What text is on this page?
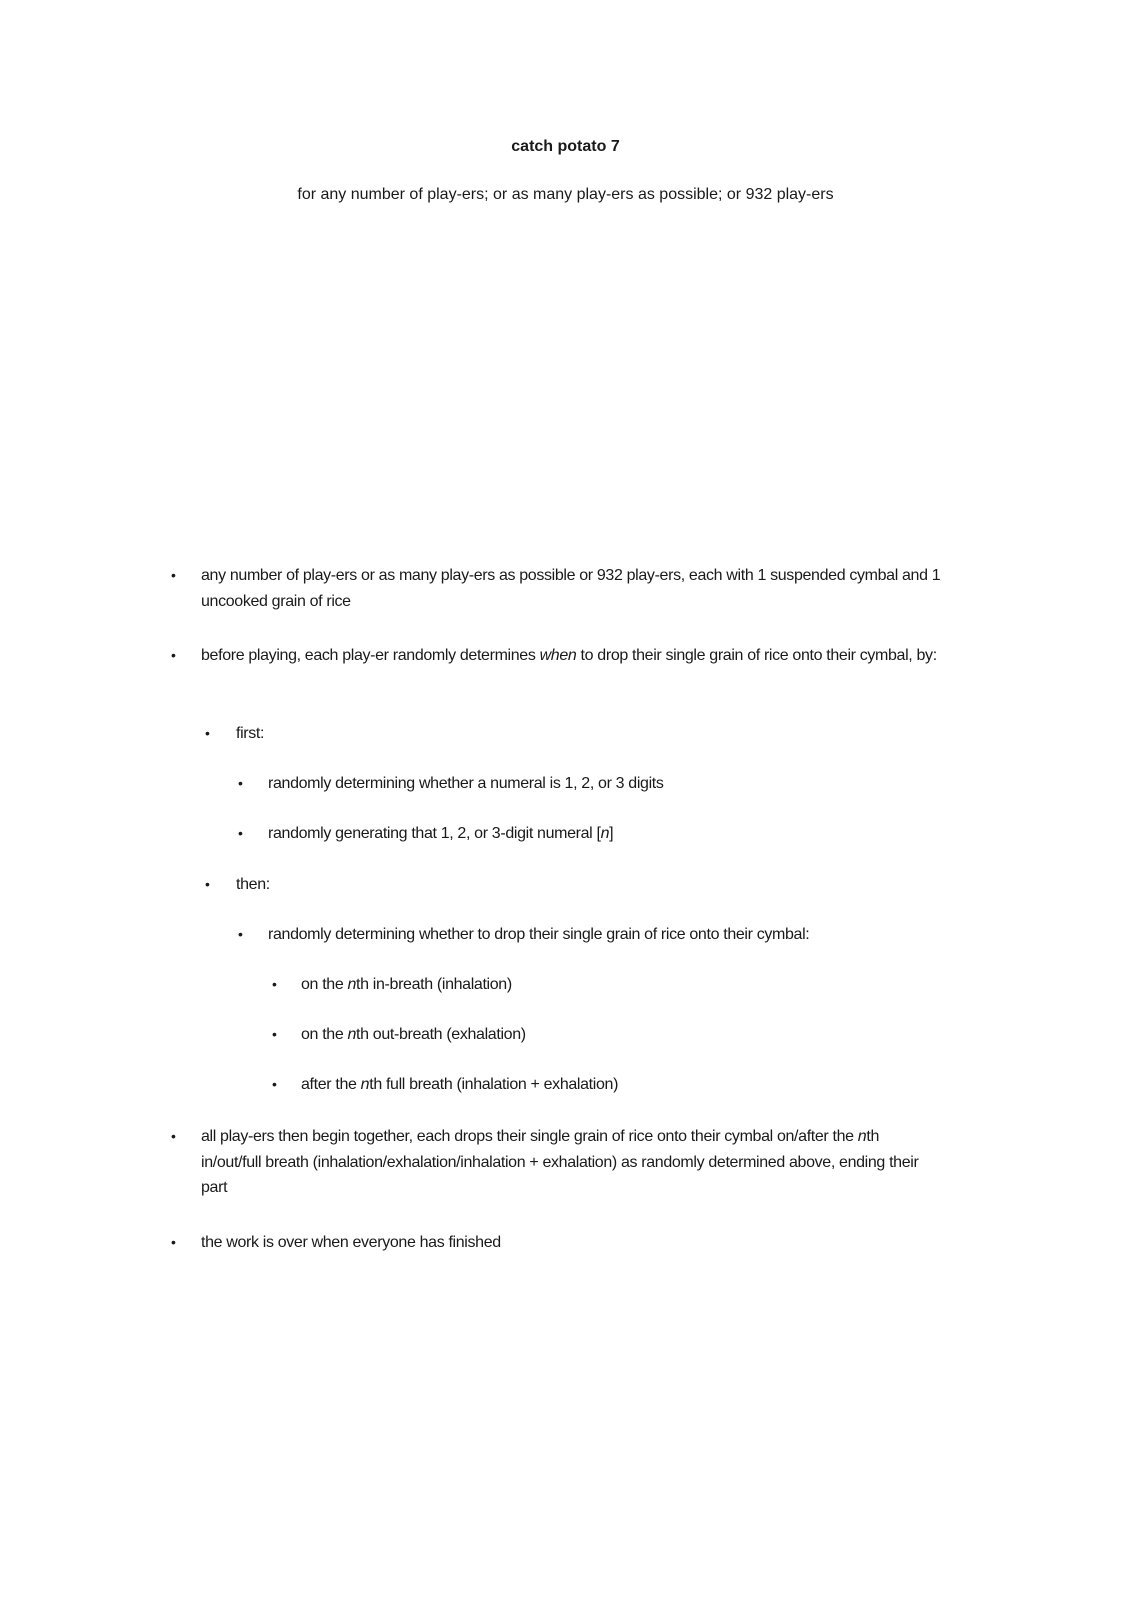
catch potato 7
for any number of play-ers; or as many play-ers as possible; or 932 play-ers
• any number of play-ers or as many play-ers as possible or 932 play-ers, each with 1 suspended cymbal and 1 uncooked grain of rice
• before playing, each play-er randomly determines when to drop their single grain of rice onto their cymbal, by:
• first:
• randomly determining whether a numeral is 1, 2, or 3 digits
• randomly generating that 1, 2, or 3-digit numeral [n]
• then:
• randomly determining whether to drop their single grain of rice onto their cymbal:
• on the nth in-breath (inhalation)
• on the nth out-breath (exhalation)
• after the nth full breath (inhalation + exhalation)
• all play-ers then begin together, each drops their single grain of rice onto their cymbal on/after the nth in/out/full breath (inhalation/exhalation/inhalation + exhalation) as randomly determined above, ending their part
• the work is over when everyone has finished
